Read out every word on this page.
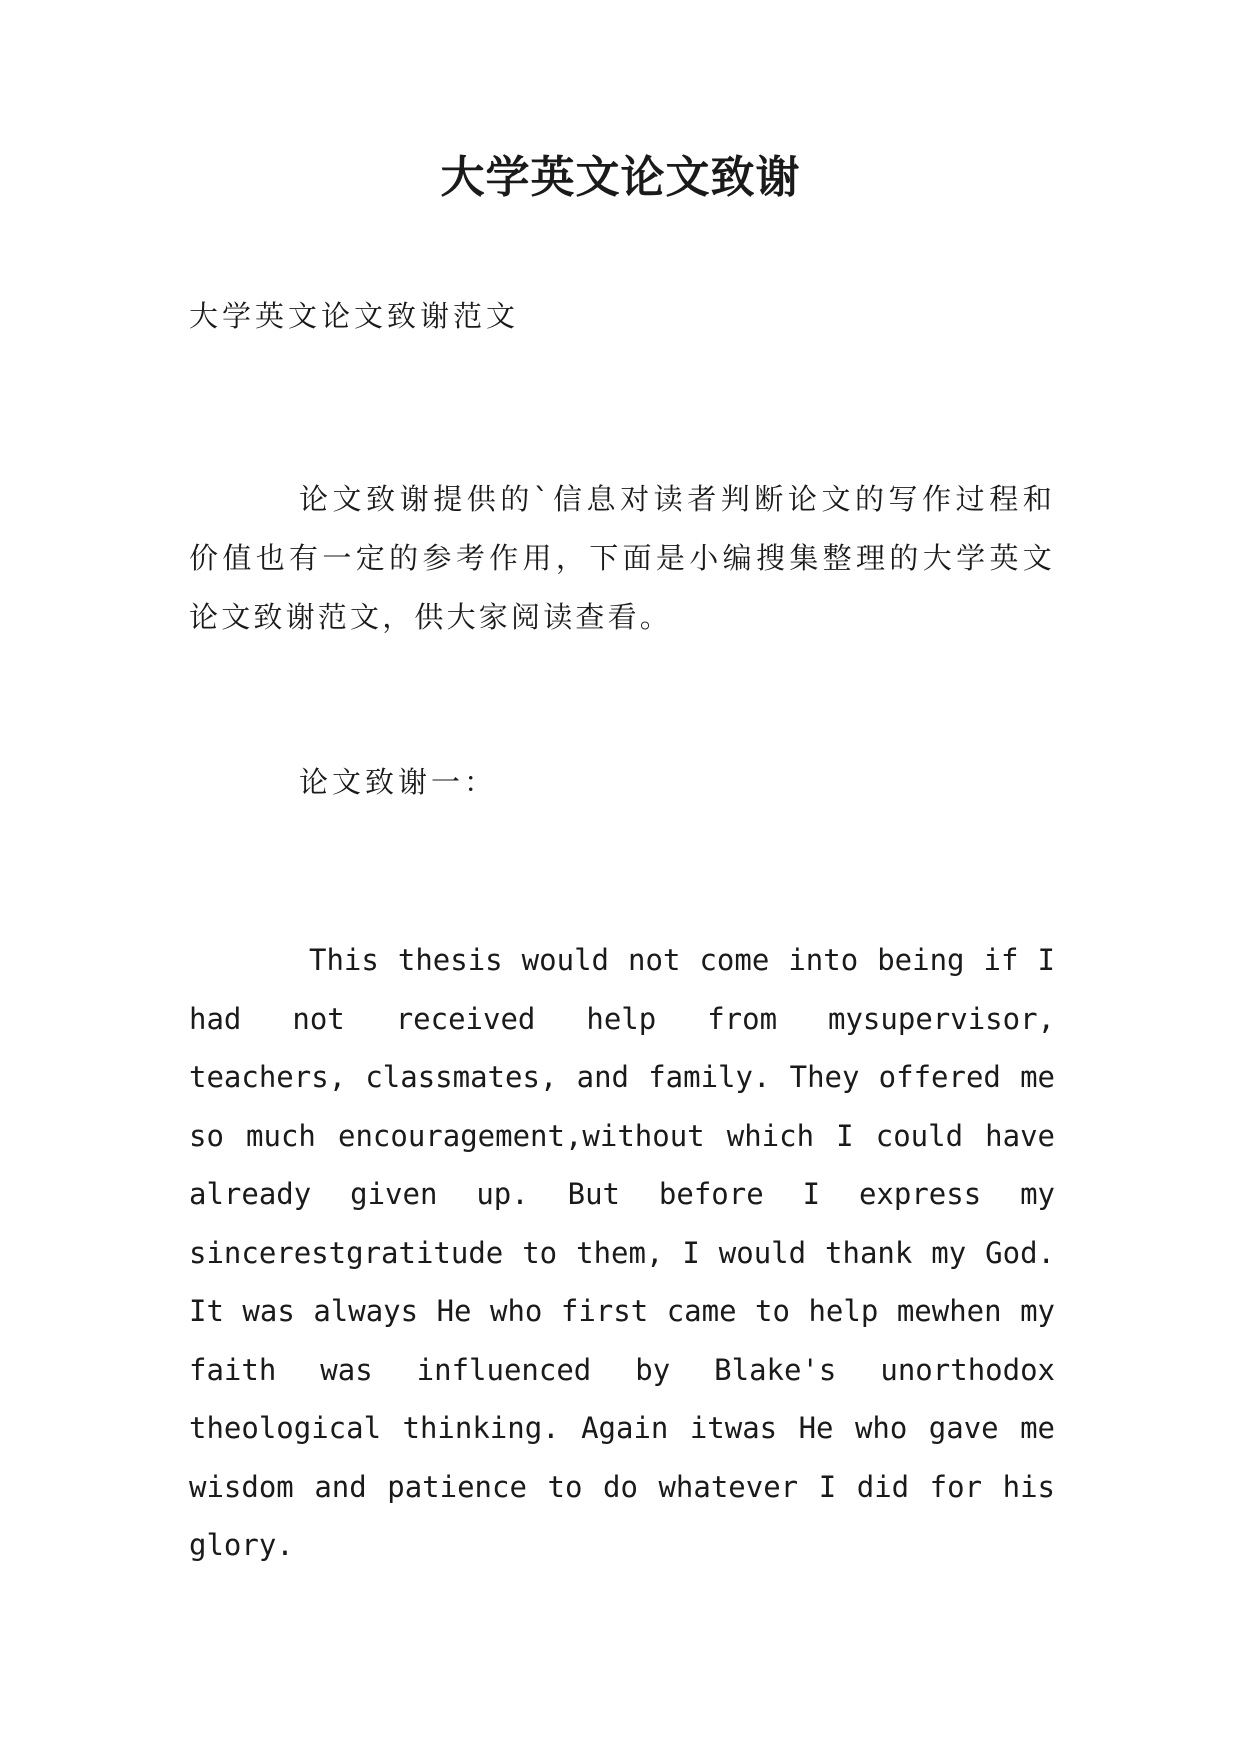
大学英文论文致谢

大学英文论文致谢范文

论文致谢提供的`信息对读者判断论文的写作过程和价值也有一定的参考作用，下面是小编搜集整理的大学英文论文致谢范文，供大家阅读查看。

论文致谢一：

This thesis would not come into being if I had not received help from mysupervisor, teachers, classmates, and family. They offered me so much encouragement,without which I could have already given up. But before I express my sincerestgratitude to them, I would thank my God. It was always He who first came to help mewhen my faith was influenced by Blake's unorthodox theological thinking. Again itwas He who gave me wisdom and patience to do whatever I did for his glory.
